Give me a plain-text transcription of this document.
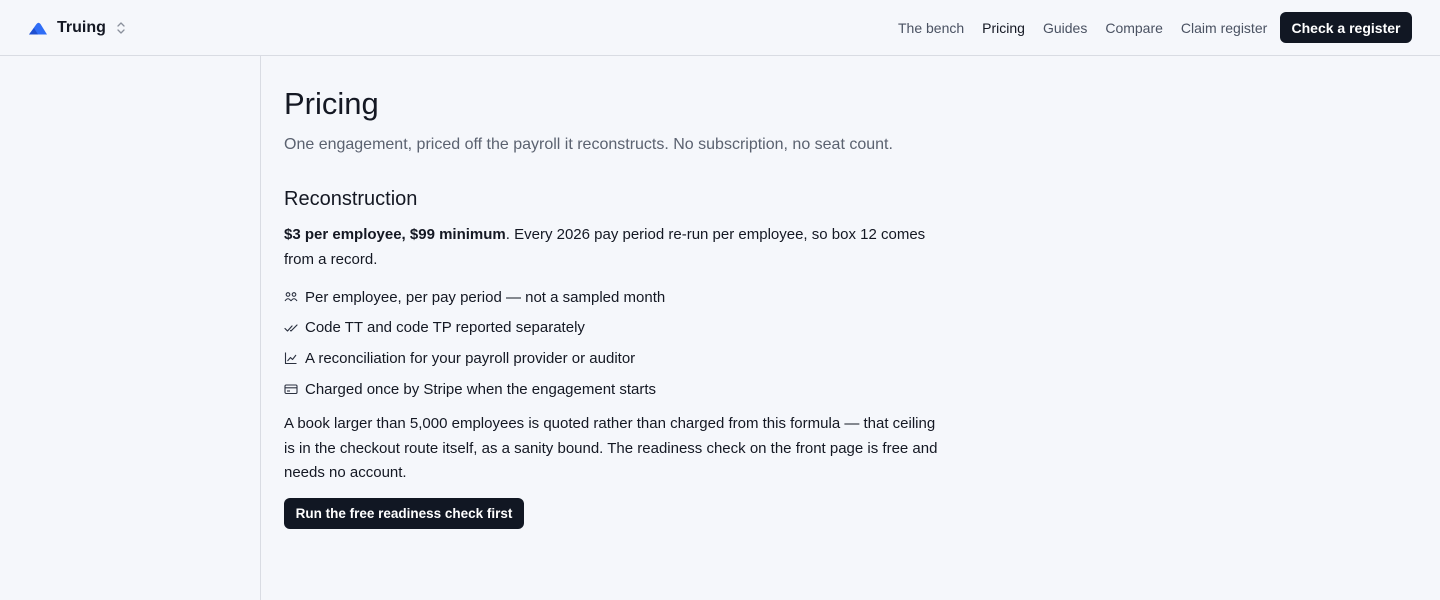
Truing	The bench Pricing Guides Compare Claim register	Check a register
Pricing

One engagement, priced off the payroll it reconstructs. No subscription, no seat count.

Reconstruction

$3 per employee, $99 minimum. Every 2026 pay period re-run per employee, so box 12 comes from a record.

Per employee, per pay period — not a sampled month
Code TT and code TP reported separately
A reconciliation for your payroll provider or auditor
Charged once by Stripe when the engagement starts

A book larger than 5,000 employees is quoted rather than charged from this formula — that ceiling is in the checkout route itself, as a sanity bound. The readiness check on the front page is free and needs no account.

Run the free readiness check first
